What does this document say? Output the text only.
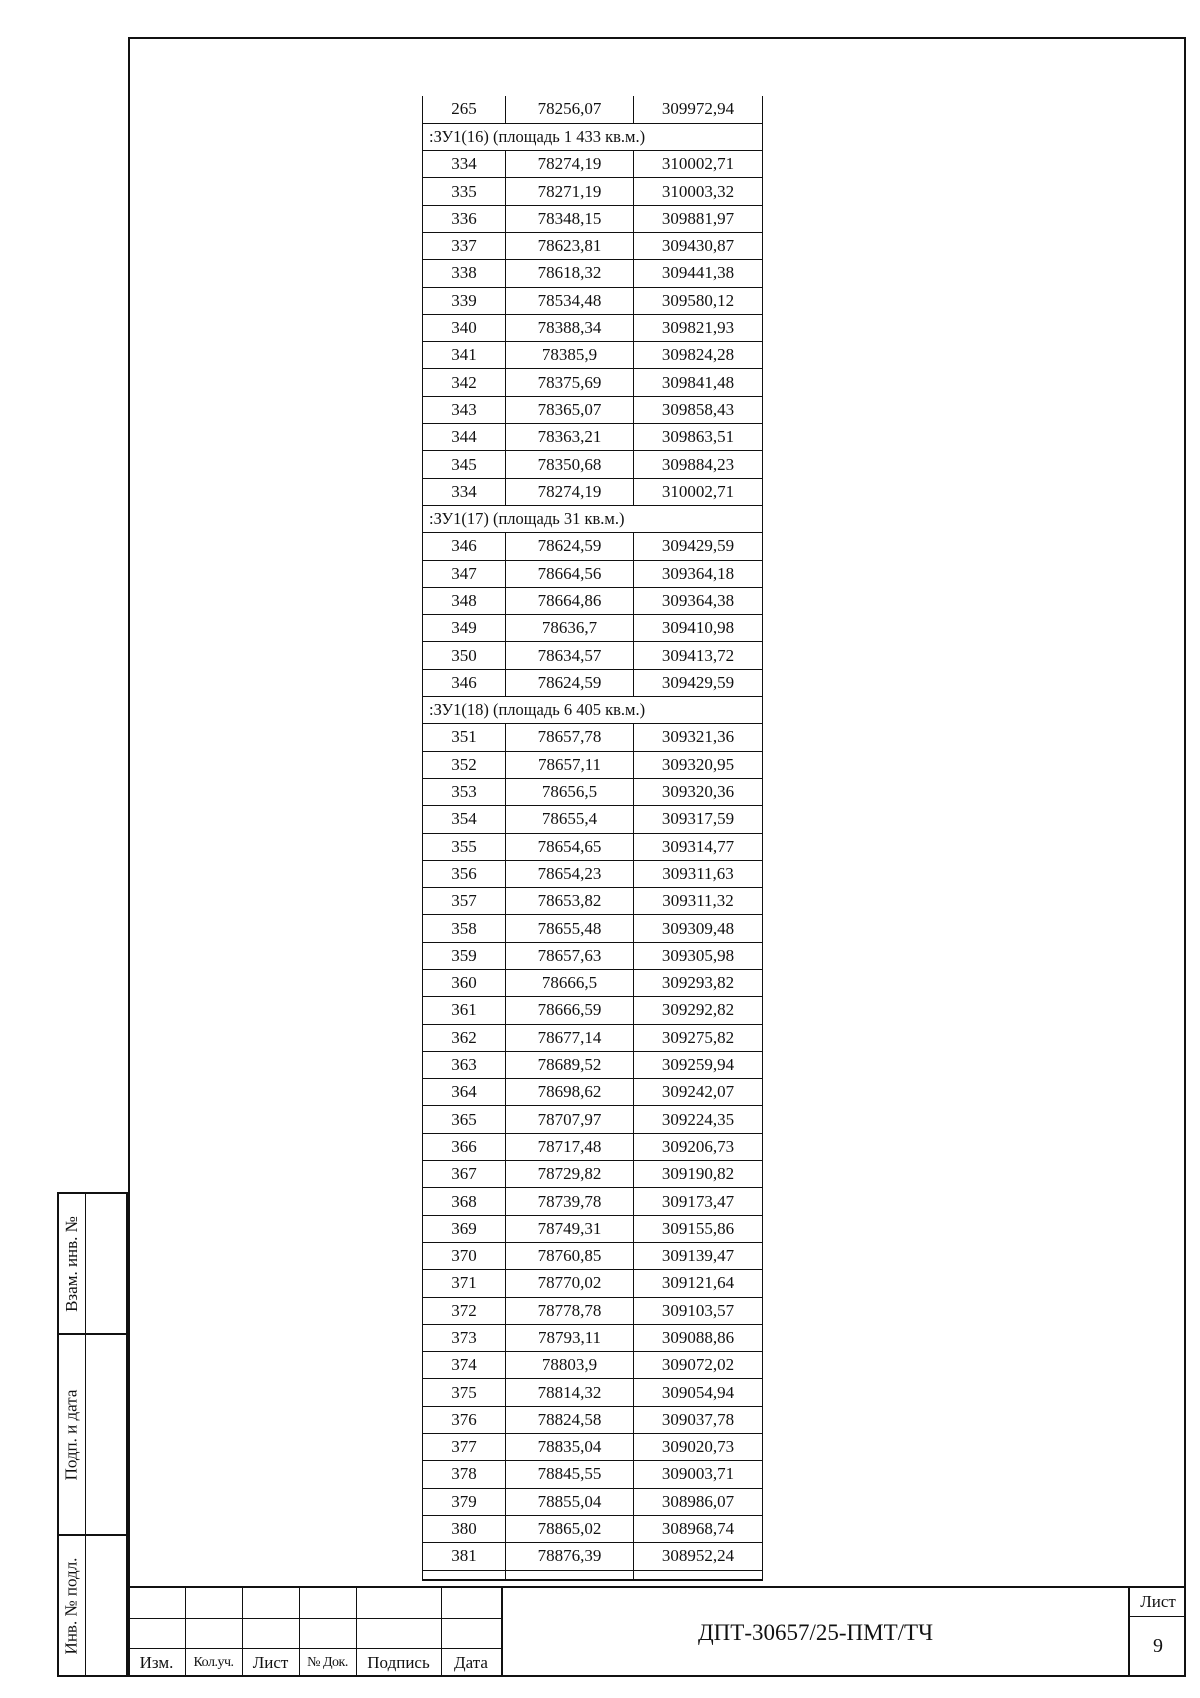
265	78256,07	309972,94
:ЗУ1(16) (площадь 1 433 кв.м.)		
334	78274,19	310002,71
335	78271,19	310003,32
336	78348,15	309881,97
337	78623,81	309430,87
338	78618,32	309441,38
339	78534,48	309580,12
340	78388,34	309821,93
341	78385,9	309824,28
342	78375,69	309841,48
343	78365,07	309858,43
344	78363,21	309863,51
345	78350,68	309884,23
334	78274,19	310002,71
:ЗУ1(17) (площадь 31 кв.м.)		
346	78624,59	309429,59
347	78664,56	309364,18
348	78664,86	309364,38
349	78636,7	309410,98
350	78634,57	309413,72
346	78624,59	309429,59
:ЗУ1(18) (площадь 6 405 кв.м.)		
351	78657,78	309321,36
352	78657,11	309320,95
353	78656,5	309320,36
354	78655,4	309317,59
355	78654,65	309314,77
356	78654,23	309311,63
357	78653,82	309311,32
358	78655,48	309309,48
359	78657,63	309305,98
360	78666,5	309293,82
361	78666,59	309292,82
362	78677,14	309275,82
363	78689,52	309259,94
364	78698,62	309242,07
365	78707,97	309224,35
366	78717,48	309206,73
367	78729,82	309190,82
368	78739,78	309173,47
369	78749,31	309155,86
370	78760,85	309139,47
371	78770,02	309121,64
372	78778,78	309103,57
373	78793,11	309088,86
374	78803,9	309072,02
375	78814,32	309054,94
376	78824,58	309037,78
377	78835,04	309020,73
378	78845,55	309003,71
379	78855,04	308986,07
380	78865,02	308968,74
381	78876,39	308952,24

Взам. инв. №
Подп. и дата
Инв. № подл.
Изм.	Кол.уч.	Лист	№ Док.	Подпись	Дата
ДПТ-30657/25-ПМТ/ТЧ
Лист
9
